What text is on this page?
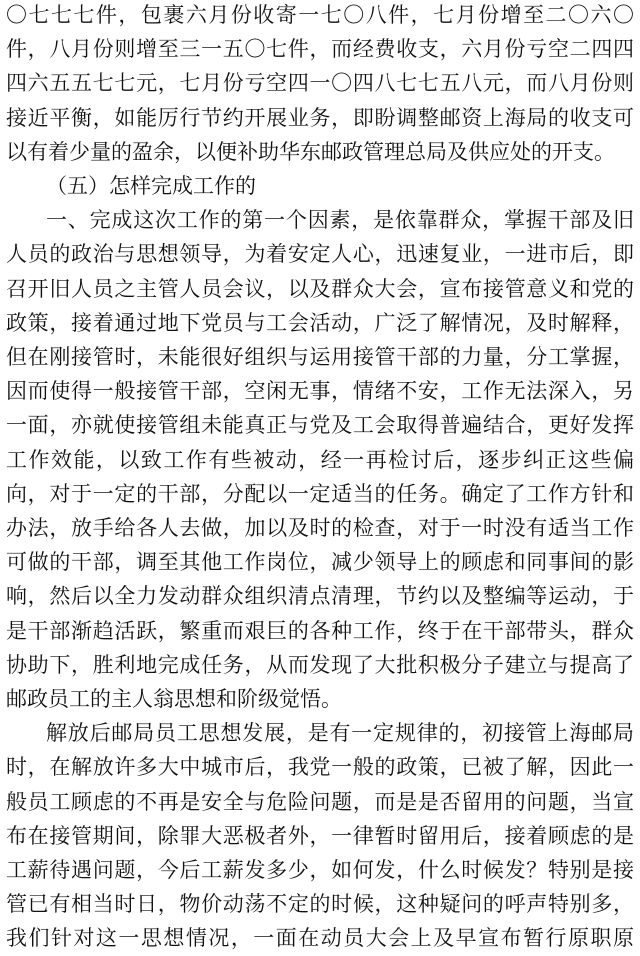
〇七七七件，包裹六月份收寄一七〇八件，七月份增至二〇六〇
件，八月份则增至三一五〇七件，而经费收支，六月份亏空二四四
四六五五七七元，七月份亏空四一〇四八七七五八元，而八月份则
接近平衡，如能厉行节约开展业务，即盼调整邮资上海局的收支可
以有着少量的盈余，以便补助华东邮政管理总局及供应处的开支。
（五）怎样完成工作的
一、完成这次工作的第一个因素，是依靠群众，掌握干部及旧
人员的政治与思想领导，为着安定人心，迅速复业，一进市后，即
召开旧人员之主管人员会议，以及群众大会，宣布接管意义和党的
政策，接着通过地下党员与工会活动，广泛了解情况，及时解释，
但在刚接管时，未能很好组织与运用接管干部的力量，分工掌握，
因而使得一般接管干部，空闲无事，情绪不安，工作无法深入，另
一面，亦就使接管组未能真正与党及工会取得普遍结合，更好发挥
工作效能，以致工作有些被动，经一再检讨后，逐步纠正这些偏
向，对于一定的干部，分配以一定适当的任务。确定了工作方针和
办法，放手给各人去做，加以及时的检查，对于一时没有适当工作
可做的干部，调至其他工作岗位，减少领导上的顾虑和同事间的影
响，然后以全力发动群众组织清点清理，节约以及整编等运动，于
是干部渐趋活跃，繁重而艰巨的各种工作，终于在干部带头，群众
协助下，胜利地完成任务，从而发现了大批积极分子建立与提高了
邮政员工的主人翁思想和阶级觉悟。
解放后邮局员工思想发展，是有一定规律的，初接管上海邮局
时，在解放许多大中城市后，我党一般的政策，已被了解，因此一
般员工顾虑的不再是安全与危险问题，而是是否留用的问题，当宣
布在接管期间，除罪大恶极者外，一律暂时留用后，接着顾虑的是
工薪待遇问题，今后工薪发多少，如何发，什么时候发？特别是接
管已有相当时日，物价动荡不定的时候，这种疑问的呼声特别多，
我们针对这一思想情况，一面在动员大会上及早宣布暂行原职原
